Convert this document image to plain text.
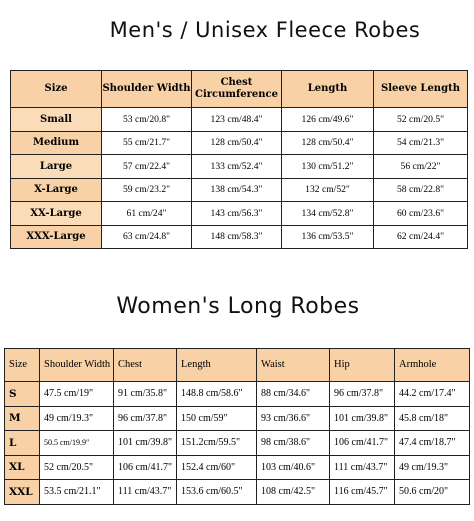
Men's / Unisex Fleece Robes
Size	Shoulder Width	Chest Circumference	Length	Sleeve Length
Small	53 cm/20.8"	123 cm/48.4"	126 cm/49.6"	52 cm/20.5"
Medium	55 cm/21.7"	128 cm/50.4"	128 cm/50.4"	54 cm/21.3"
Large	57 cm/22.4"	133 cm/52.4"	130 cm/51.2"	56 cm/22"
X-Large	59 cm/23.2"	138 cm/54.3"	132 cm/52"	58 cm/22.8"
XX-Large	61 cm/24"	143 cm/56.3"	134 cm/52.8"	60 cm/23.6"
XXX-Large	63 cm/24.8"	148 cm/58.3"	136 cm/53.5"	62 cm/24.4"
Women's Long Robes
Size	Shoulder Width	Chest	Length	Waist	Hip	Armhole
S	47.5 cm/19"	91 cm/35.8"	148.8 cm/58.6"	88 cm/34.6"	96 cm/37.8"	44.2 cm/17.4"
M	49 cm/19.3"	96 cm/37.8"	150 cm/59"	93 cm/36.6"	101 cm/39.8"	45.8 cm/18"
L	50.5 cm/19.9"	101 cm/39.8"	151.2cm/59.5"	98 cm/38.6"	106 cm/41.7"	47.4 cm/18.7"
XL	52 cm/20.5"	106 cm/41.7"	152.4 cm/60"	103 cm/40.6"	111 cm/43.7"	49 cm/19.3"
XXL	53.5 cm/21.1"	111 cm/43.7"	153.6 cm/60.5"	108 cm/42.5"	116 cm/45.7"	50.6 cm/20"
